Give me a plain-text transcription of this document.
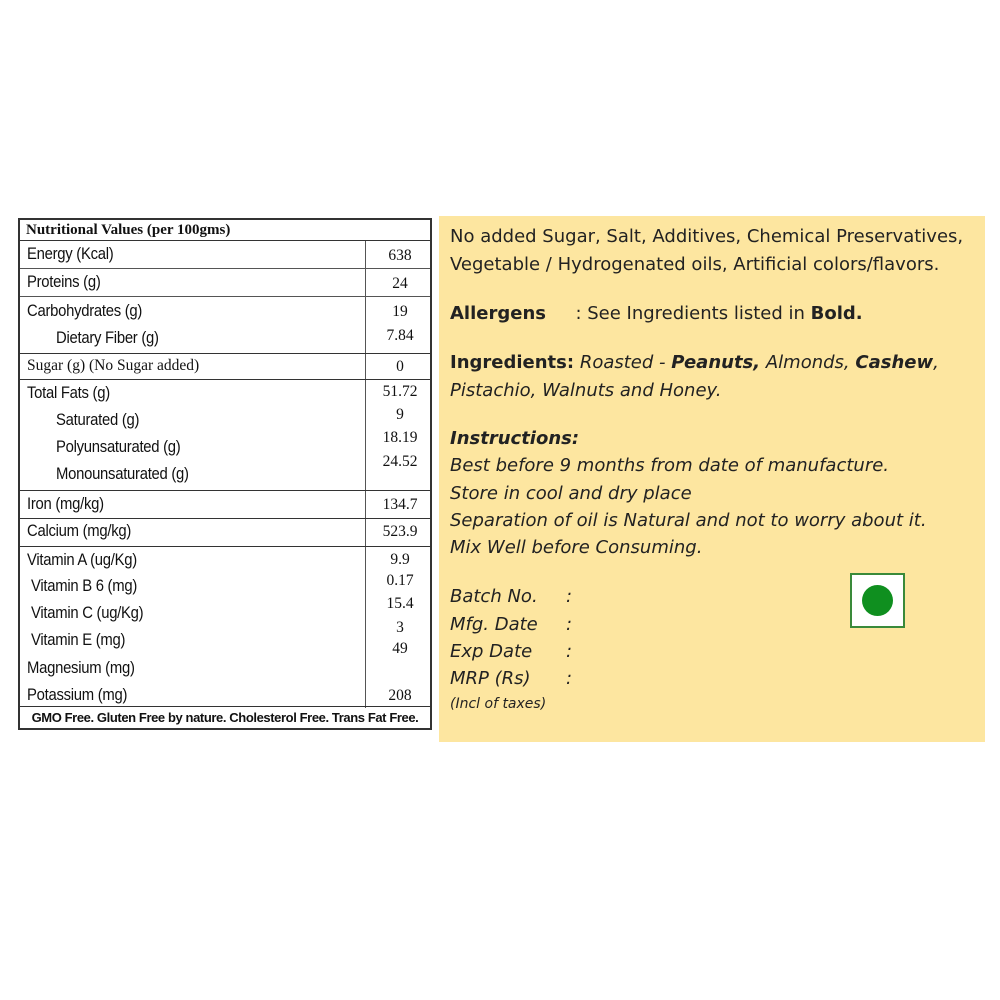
Nutritional Values (per 100gms)
Energy (Kcal)
Proteins (g)
Carbohydrates (g)
Dietary Fiber (g)
Sugar (g) (No Sugar added)
Total Fats (g)
Saturated (g)
Polyunsaturated (g)
Monounsaturated (g)
Iron (mg/kg)
Calcium (mg/kg)
Vitamin A (ug/Kg)
Vitamin B 6 (mg)
Vitamin C (ug/Kg)
Vitamin E (mg)
Magnesium (mg)
Potassium (mg)
638
24
19
7.84
0
51.72
9
18.19
24.52
134.7
523.9
9.9
0.17
15.4
3
49
208
GMO Free. Gluten Free by nature. Cholesterol Free. Trans Fat Free.
No added Sugar, Salt, Additives, Chemical Preservatives,
Vegetable / Hydrogenated oils, Artificial colors/flavors.
Allergens : See Ingredients listed in Bold.
Ingredients: Roasted - Peanuts, Almonds, Cashew,
Pistachio, Walnuts and Honey.
Instructions:
Best before 9 months from date of manufacture.
Store in cool and dry place
Separation of oil is Natural and not to worry about it.
Mix Well before Consuming.
Batch No. :
Mfg. Date :
Exp Date :
MRP (Rs) :
(Incl of taxes)
